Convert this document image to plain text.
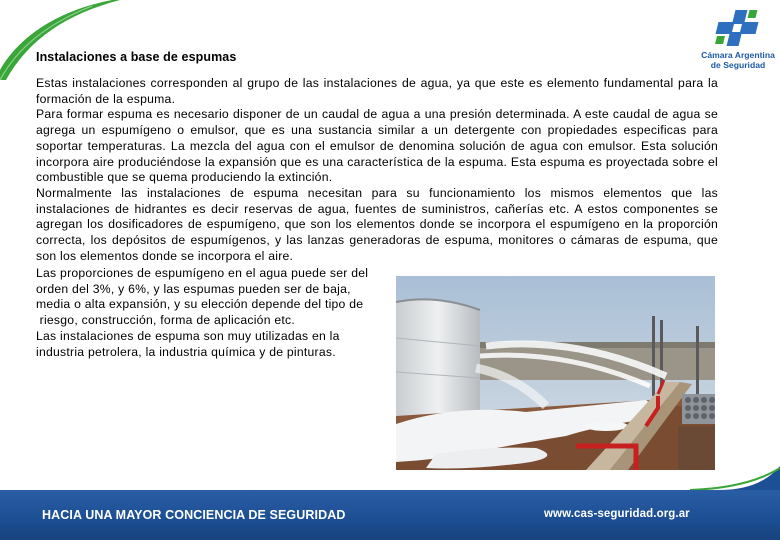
Cámara Argentina
de Seguridad
Instalaciones a base de espumas

Estas instalaciones corresponden al grupo de las instalaciones de agua, ya que este es elemento fundamental para la formación de la espuma.

Para formar espuma es necesario disponer de un caudal de agua a una presión determinada. A este caudal de agua se agrega un espumígeno o emulsor, que es una sustancia similar a un detergente con propiedades especificas para soportar temperaturas. La mezcla del agua con el emulsor de denomina solución de agua con emulsor. Esta solución incorpora aire produciéndose la expansión que es una característica de la espuma. Esta espuma es proyectada sobre el combustible que se quema produciendo la extinción.

Normalmente las instalaciones de espuma necesitan para su funcionamiento los mismos elementos que las instalaciones de hidrantes es decir reservas de agua, fuentes de suministros, cañerías etc. A estos componentes se agregan los dosificadores de espumígeno, que son los elementos donde se incorpora el espumígeno en la proporción correcta, los depósitos de espumígenos, y las lanzas generadoras de espuma, monitores o cámaras de espuma, que son los elementos donde se incorpora el aire.

Las proporciones de espumígeno en el agua puede ser del

orden del 3%, y 6%, y las espumas pueden ser de baja,

media o alta expansión, y su elección depende del tipo de

riesgo, construcción, forma de aplicación etc.

Las instalaciones de espuma son muy utilizadas en la

industria petrolera, la industria química y de pinturas.

HACIA UNA MAYOR CONCIENCIA DE SEGURIDAD	www.cas-seguridad.org.ar
